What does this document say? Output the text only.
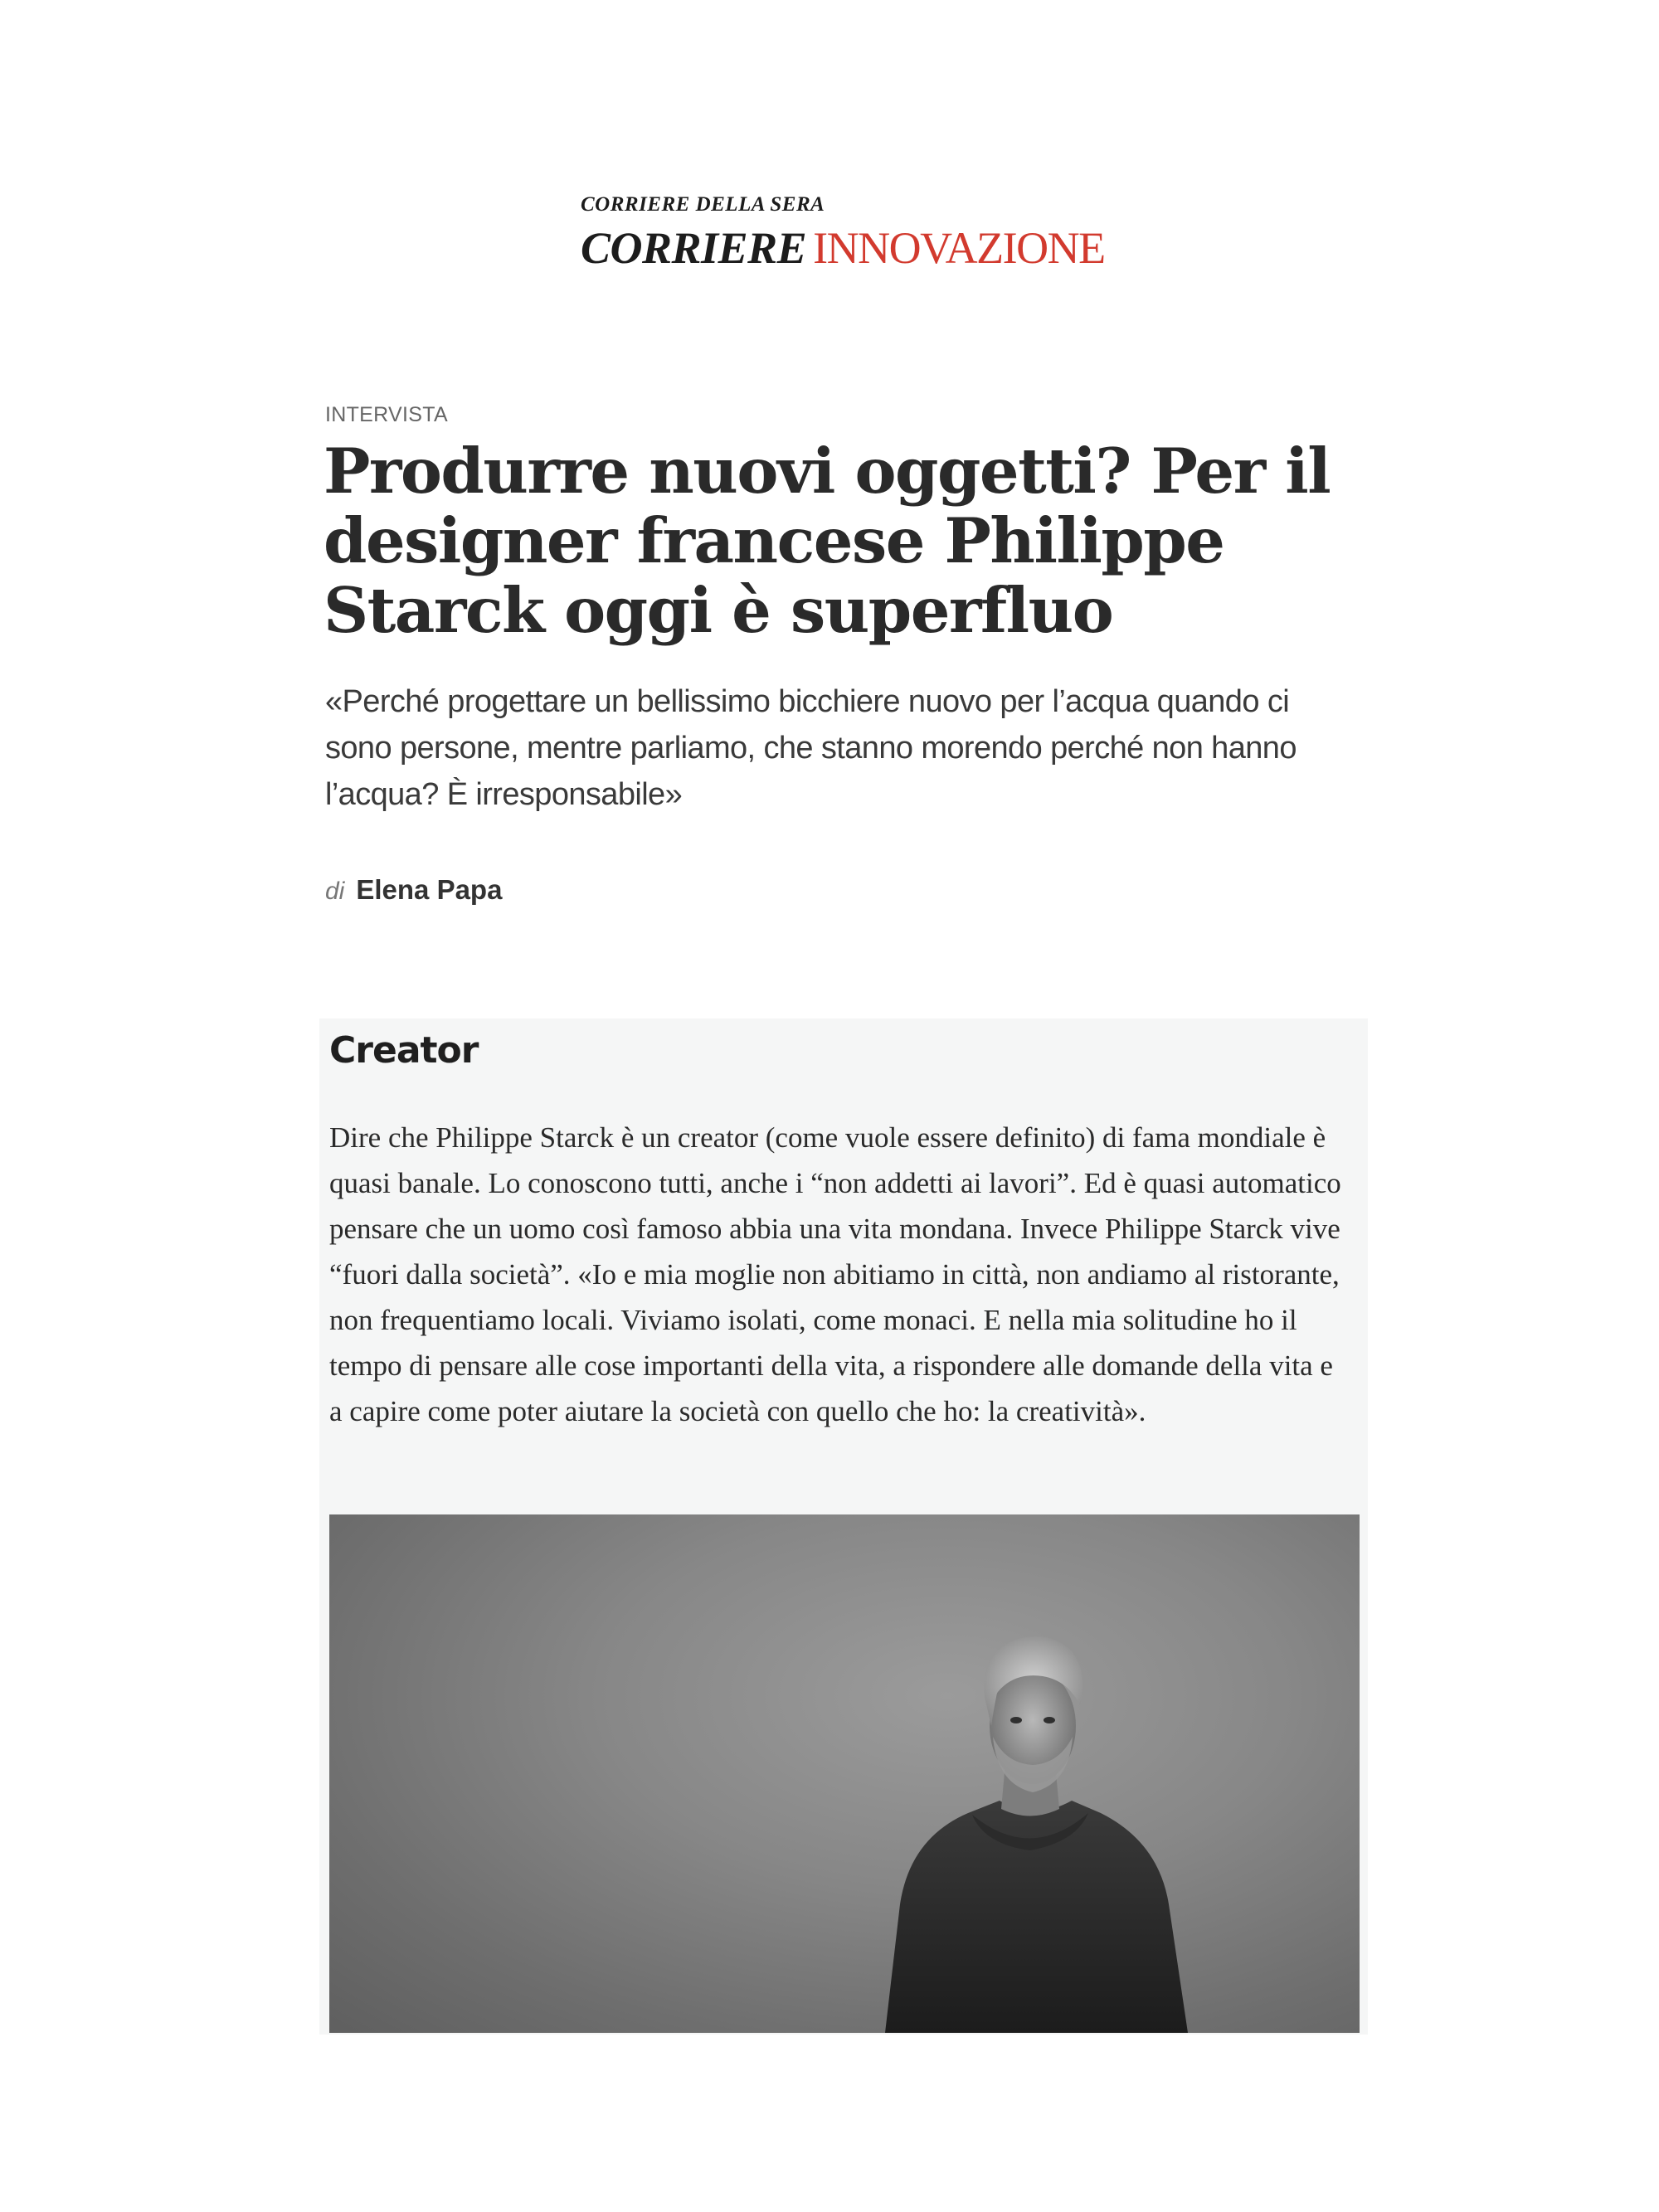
CORRIERE DELLA SERA
CORRIERE INNOVAZIONE
INTERVISTA
Produrre nuovi oggetti? Per il designer francese Philippe Starck oggi è superfluo

«Perché progettare un bellissimo bicchiere nuovo per l’acqua quando ci sono persone, mentre parliamo, che stanno morendo perché non hanno l’acqua? È irresponsabile»

di Elena Papa
Creator

Dire che Philippe Starck è un creator (come vuole essere definito) di fama mondiale è quasi banale. Lo conoscono tutti, anche i “non addetti ai lavori”. Ed è quasi automatico pensare che un uomo così famoso abbia una vita mondana. Invece Philippe Starck vive “fuori dalla società”. «Io e mia moglie non abitiamo in città, non andiamo al ristorante, non frequentiamo locali. Viviamo isolati, come monaci. E nella mia solitudine ho il tempo di pensare alle cose importanti della vita, a rispondere alle domande della vita e a capire come poter aiutare la società con quello che ho: la creatività».
